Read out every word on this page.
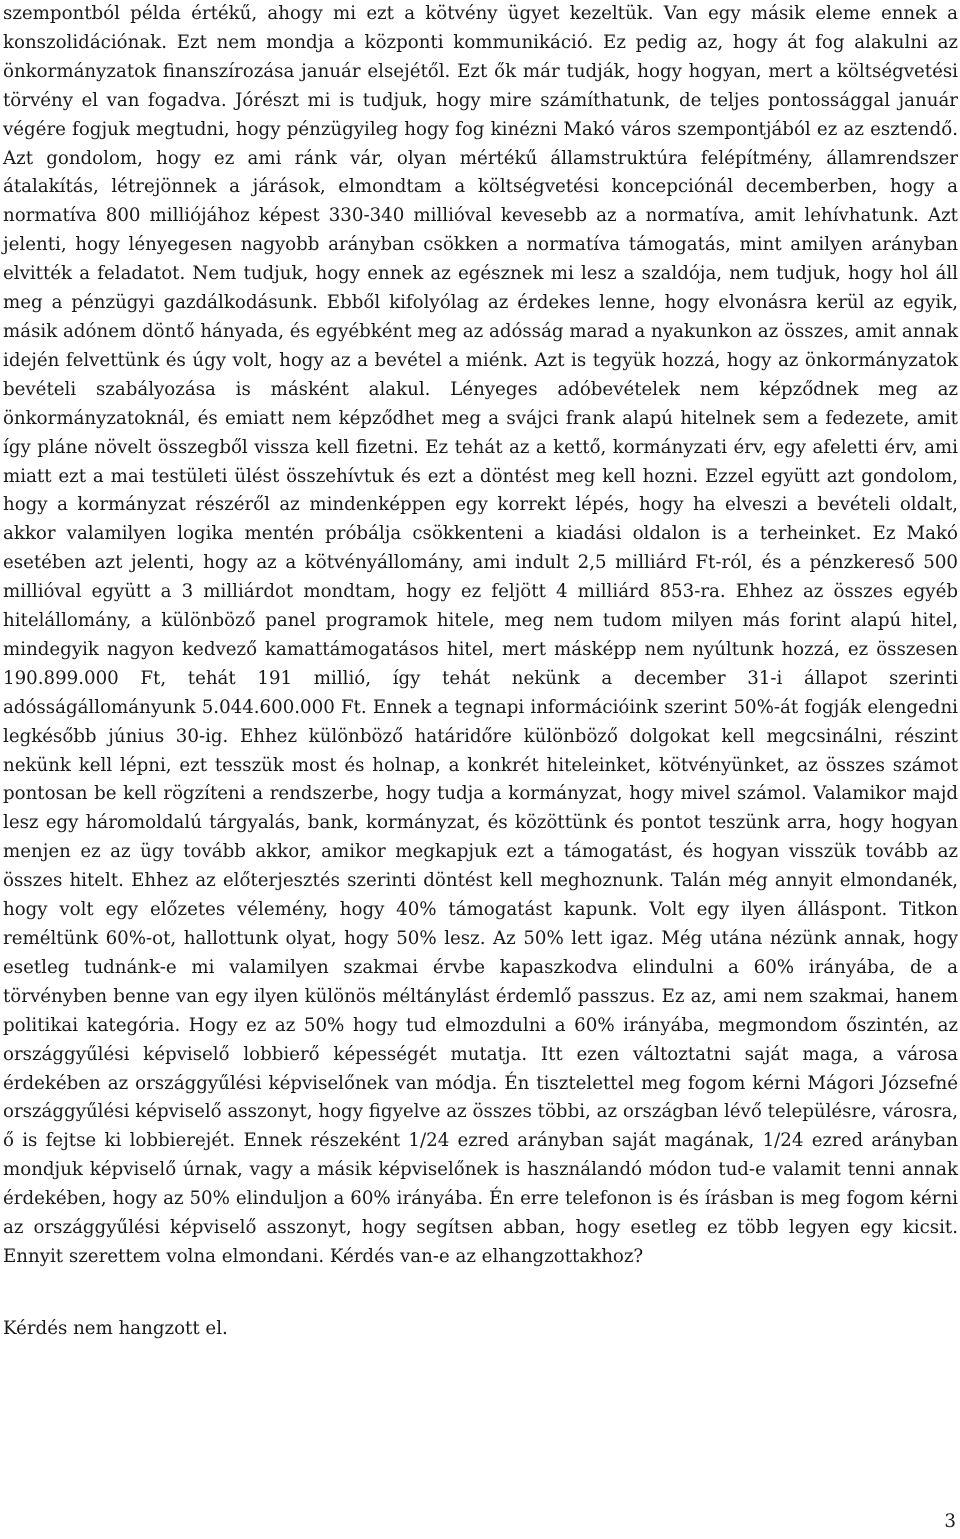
szempontból példa értékű, ahogy mi ezt a kötvény ügyet kezeltük. Van egy másik eleme ennek a konszolidációnak. Ezt nem mondja a központi kommunikáció. Ez pedig az, hogy át fog alakulni az önkormányzatok finanszírozása január elsejétől. Ezt ők már tudják, hogy hogyan, mert a költségvetési törvény el van fogadva. Jórészt mi is tudjuk, hogy mire számíthatunk, de teljes pontossággal január végére fogjuk megtudni, hogy pénzügyileg hogy fog kinézni Makó város szempontjából ez az esztendő. Azt gondolom, hogy ez ami ránk vár, olyan mértékű államstruktúra felépítmény, államrendszer átalakítás, létrejönnek a járások, elmondtam a költségvetési koncepciónál decemberben, hogy a normatíva 800 milliójához képest 330-340 millióval kevesebb az a normatíva, amit lehívhatunk. Azt jelenti, hogy lényegesen nagyobb arányban csökken a normatíva támogatás, mint amilyen arányban elvitték a feladatot. Nem tudjuk, hogy ennek az egésznek mi lesz a szaldója, nem tudjuk, hogy hol áll meg a pénzügyi gazdálkodásunk. Ebből kifolyólag az érdekes lenne, hogy elvonásra kerül az egyik, másik adónem döntő hányada, és egyébként meg az adósság marad a nyakunkon az összes, amit annak idején felvettünk és úgy volt, hogy az a bevétel a miénk. Azt is tegyük hozzá, hogy az önkormányzatok bevételi szabályozása is másként alakul. Lényeges adóbevételek nem képződnek meg az önkormányzatoknál, és emiatt nem képződhet meg a svájci frank alapú hitelnek sem a fedezete, amit így pláne növelt összegből vissza kell fizetni. Ez tehát az a kettő, kormányzati érv, egy afeletti érv, ami miatt ezt a mai testületi ülést összehívtuk és ezt a döntést meg kell hozni. Ezzel együtt azt gondolom, hogy a kormányzat részéről az mindenképpen egy korrekt lépés, hogy ha elveszi a bevételi oldalt, akkor valamilyen logika mentén próbálja csökkenteni a kiadási oldalon is a terheinket. Ez Makó esetében azt jelenti, hogy az a kötvényállomány, ami indult 2,5 milliárd Ft-ról, és a pénzkereső 500 millióval együtt a 3 milliárdot mondtam, hogy ez feljött 4 milliárd 853-ra. Ehhez az összes egyéb hitelállomány, a különböző panel programok hitele, meg nem tudom milyen más forint alapú hitel, mindegyik nagyon kedvező kamattámogatásos hitel, mert másképp nem nyúltunk hozzá, ez összesen 190.899.000 Ft, tehát 191 millió, így tehát nekünk a december 31-i állapot szerinti adósságállományunk 5.044.600.000 Ft. Ennek a tegnapi információink szerint 50%-át fogják elengedni legkésőbb június 30-ig. Ehhez különböző határidőre különböző dolgokat kell megcsinálni, részint nekünk kell lépni, ezt tesszük most és holnap, a konkrét hiteleinket, kötvényünket, az összes számot pontosan be kell rögzíteni a rendszerbe, hogy tudja a kormányzat, hogy mivel számol. Valamikor majd lesz egy háromoldalú tárgyalás, bank, kormányzat, és közöttünk és pontot teszünk arra, hogy hogyan menjen ez az ügy tovább akkor, amikor megkapjuk ezt a támogatást, és hogyan visszük tovább az összes hitelt. Ehhez az előterjesztés szerinti döntést kell meghoznunk. Talán még annyit elmondanék, hogy volt egy előzetes vélemény, hogy 40% támogatást kapunk. Volt egy ilyen álláspont. Titkon reméltünk 60%-ot, hallottunk olyat, hogy 50% lesz. Az 50% lett igaz. Még utána nézünk annak, hogy esetleg tudnánk-e mi valamilyen szakmai érvbe kapaszkodva elindulni a 60% irányába, de a törvényben benne van egy ilyen különös méltánylást érdemlő passzus. Ez az, ami nem szakmai, hanem politikai kategória. Hogy ez az 50% hogy tud elmozdulni a 60% irányába, megmondom őszintén, az országgyűlési képviselő lobbierő képességét mutatja. Itt ezen változtatni saját maga, a városa érdekében az országgyűlési képviselőnek van módja. Én tisztelettel meg fogom kérni Mágori Józsefné országgyűlési képviselő asszonyt, hogy figyelve az összes többi, az országban lévő településre, városra, ő is fejtse ki lobbierejét. Ennek részeként 1/24 ezred arányban saját magának, 1/24 ezred arányban mondjuk képviselő úrnak, vagy a másik képviselőnek is használandó módon tud-e valamit tenni annak érdekében, hogy az 50% elinduljon a 60% irányába. Én erre telefonon is és írásban is meg fogom kérni az országgyűlési képviselő asszonyt, hogy segítsen abban, hogy esetleg ez több legyen egy kicsit. Ennyit szerettem volna elmondani. Kérdés van-e az elhangzottakhoz?

Kérdés nem hangzott el.

3
